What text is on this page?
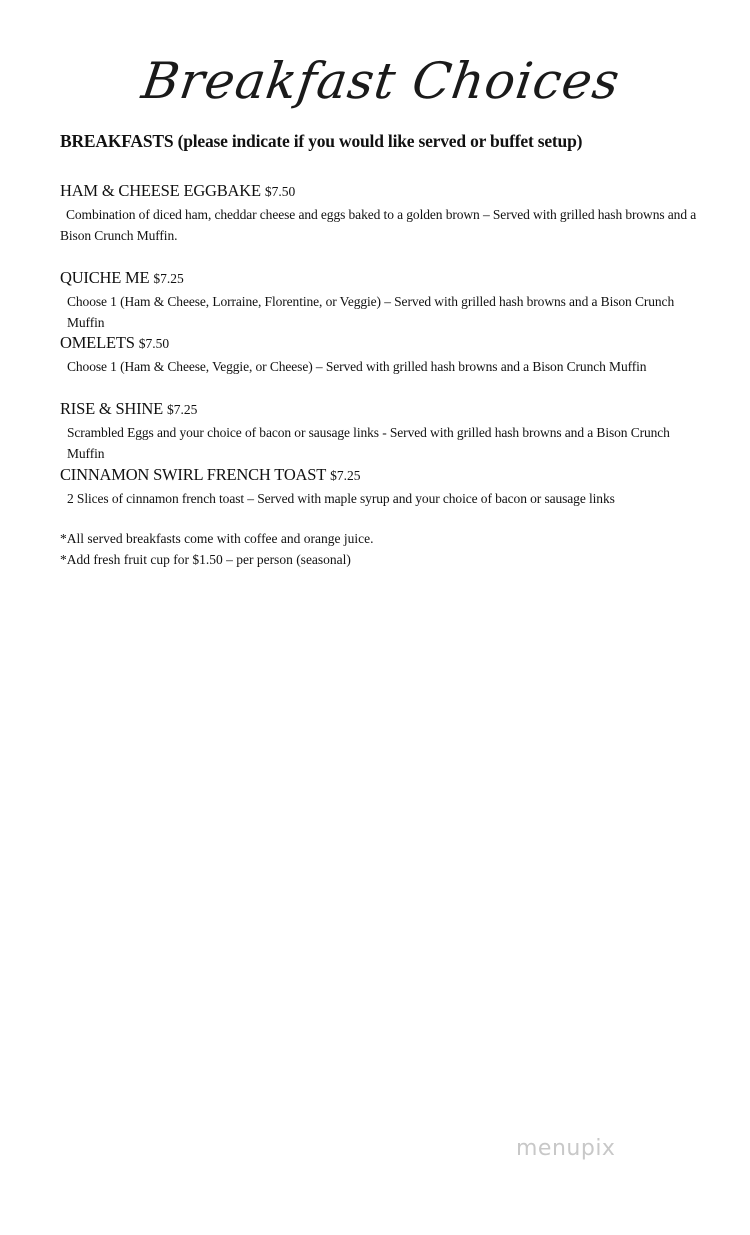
Breakfast Choices
BREAKFASTS (please indicate if you would like served or buffet setup)
HAM & CHEESE EGGBAKE $7.50
Combination of diced ham, cheddar cheese and eggs baked to a golden brown – Served with grilled hash browns and a Bison Crunch Muffin.
QUICHE ME $7.25
Choose 1 (Ham & Cheese, Lorraine, Florentine, or Veggie) – Served with grilled hash browns and a Bison Crunch Muffin
OMELETS $7.50
Choose 1 (Ham & Cheese, Veggie, or Cheese) – Served with grilled hash browns and a Bison Crunch Muffin
RISE & SHINE $7.25
Scrambled Eggs and your choice of bacon or sausage links - Served with grilled hash browns and a Bison Crunch Muffin
CINNAMON SWIRL FRENCH TOAST $7.25
2 Slices of cinnamon french toast – Served with maple syrup and your choice of bacon or sausage links
*All served breakfasts come with coffee and orange juice.
*Add fresh fruit cup for $1.50 – per person (seasonal)
menupix
